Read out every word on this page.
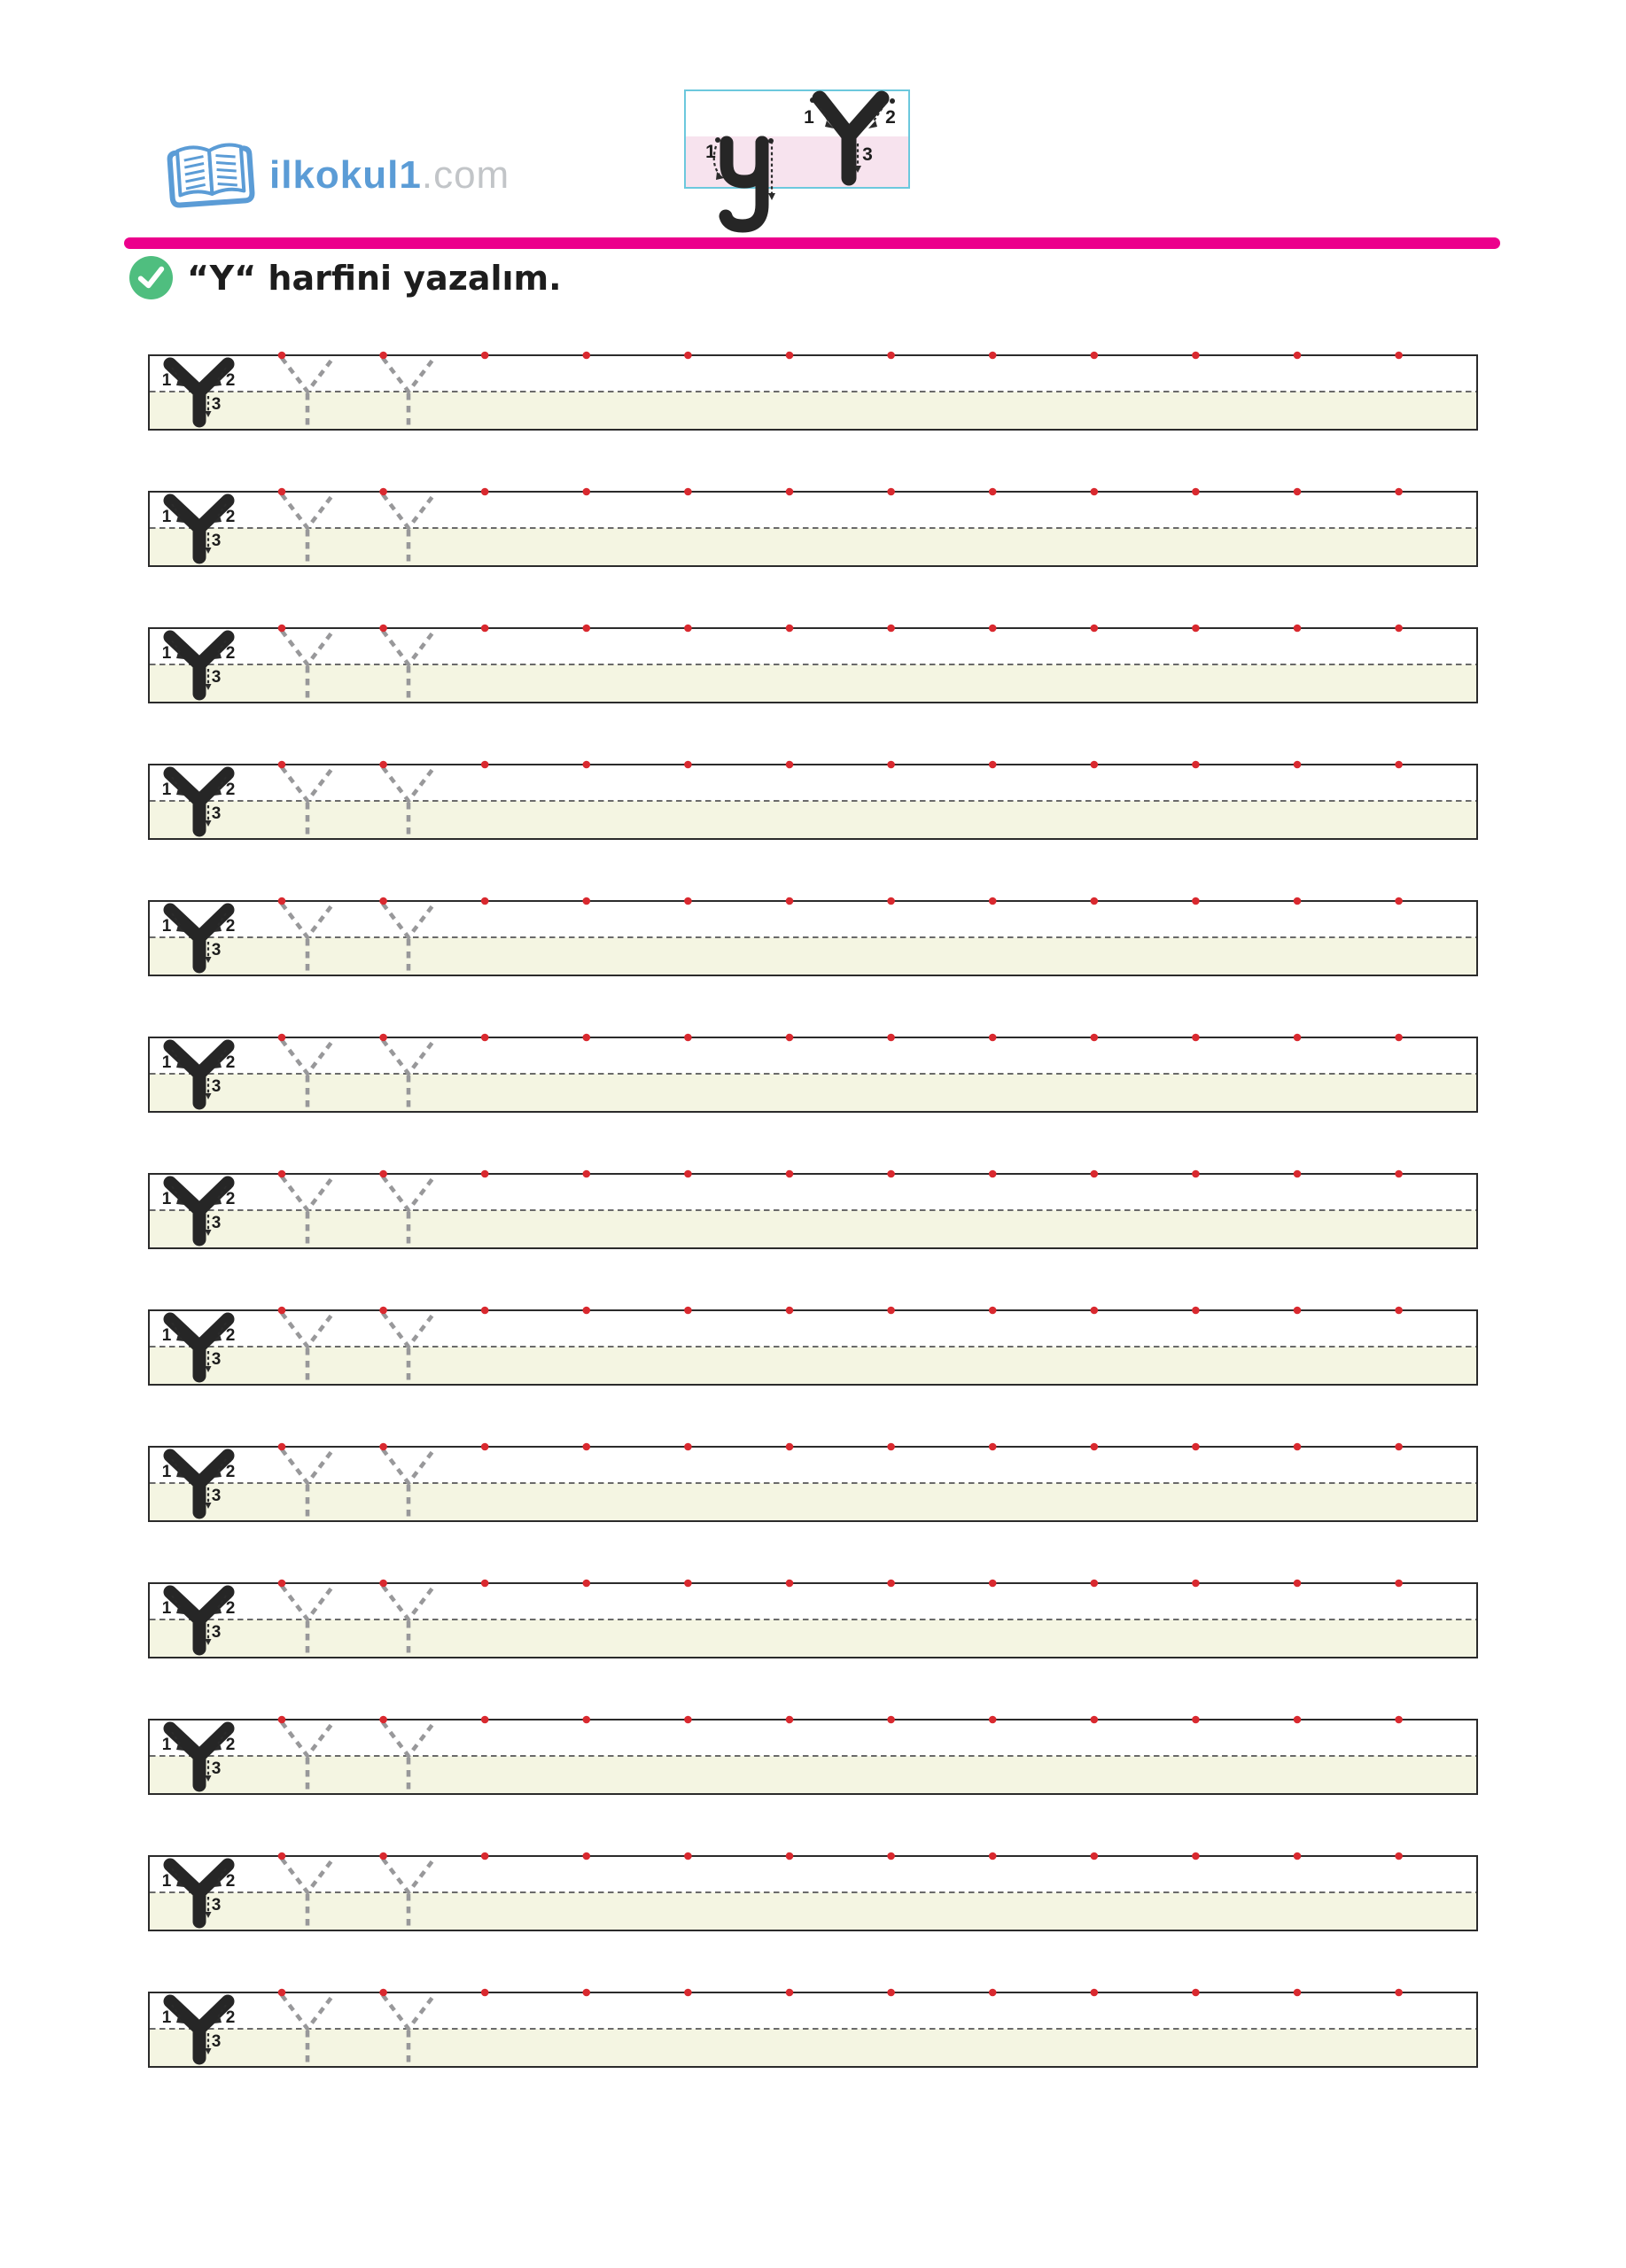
ilkokul1.com
1	2
3
1
“Y“ harfini yazalım.
1	2
3
1	2
3
1	2
3
1	2
3
1	2
3
1	2
3
1	2
3
1	2
3
1	2
3
1	2
3
1	2
3
1	2
3
1	2
3
